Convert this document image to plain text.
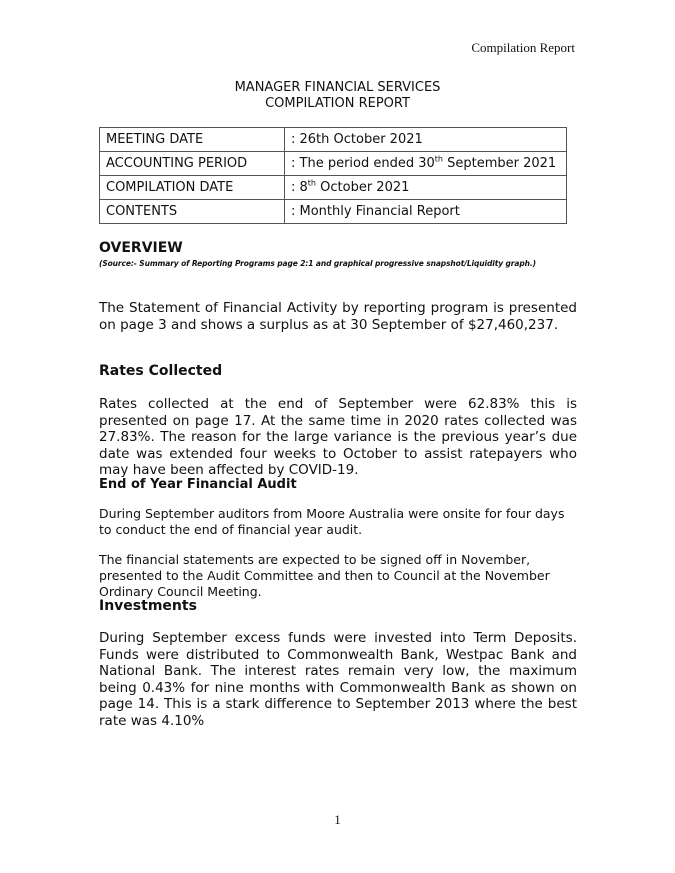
Compilation Report
MANAGER FINANCIAL SERVICES
COMPILATION REPORT
MEETING DATE	: 26th October 2021
ACCOUNTING PERIOD	: The period ended 30th September 2021
COMPILATION DATE	: 8th October 2021
CONTENTS	: Monthly Financial Report
OVERVIEW
(Source:- Summary of Reporting Programs page 2:1 and graphical progressive snapshot/Liquidity graph.)
The Statement of Financial Activity by reporting program is presented on page 3 and shows a surplus as at 30 September of $27,460,237.
Rates Collected
Rates collected at the end of September were 62.83% this is presented on page 17. At the same time in 2020 rates collected was 27.83%. The reason for the large variance is the previous year’s due date was extended four weeks to October to assist ratepayers who may have been affected by COVID-19.
End of Year Financial Audit
During September auditors from Moore Australia were onsite for four days to conduct the end of financial year audit.
The financial statements are expected to be signed off in November, presented to the Audit Committee and then to Council at the November Ordinary Council Meeting.
Investments
During September excess funds were invested into Term Deposits. Funds were distributed to Commonwealth Bank, Westpac Bank and National Bank. The interest rates remain very low, the maximum being 0.43% for nine months with Commonwealth Bank as shown on page 14. This is a stark difference to September 2013 where the best rate was 4.10%
1
